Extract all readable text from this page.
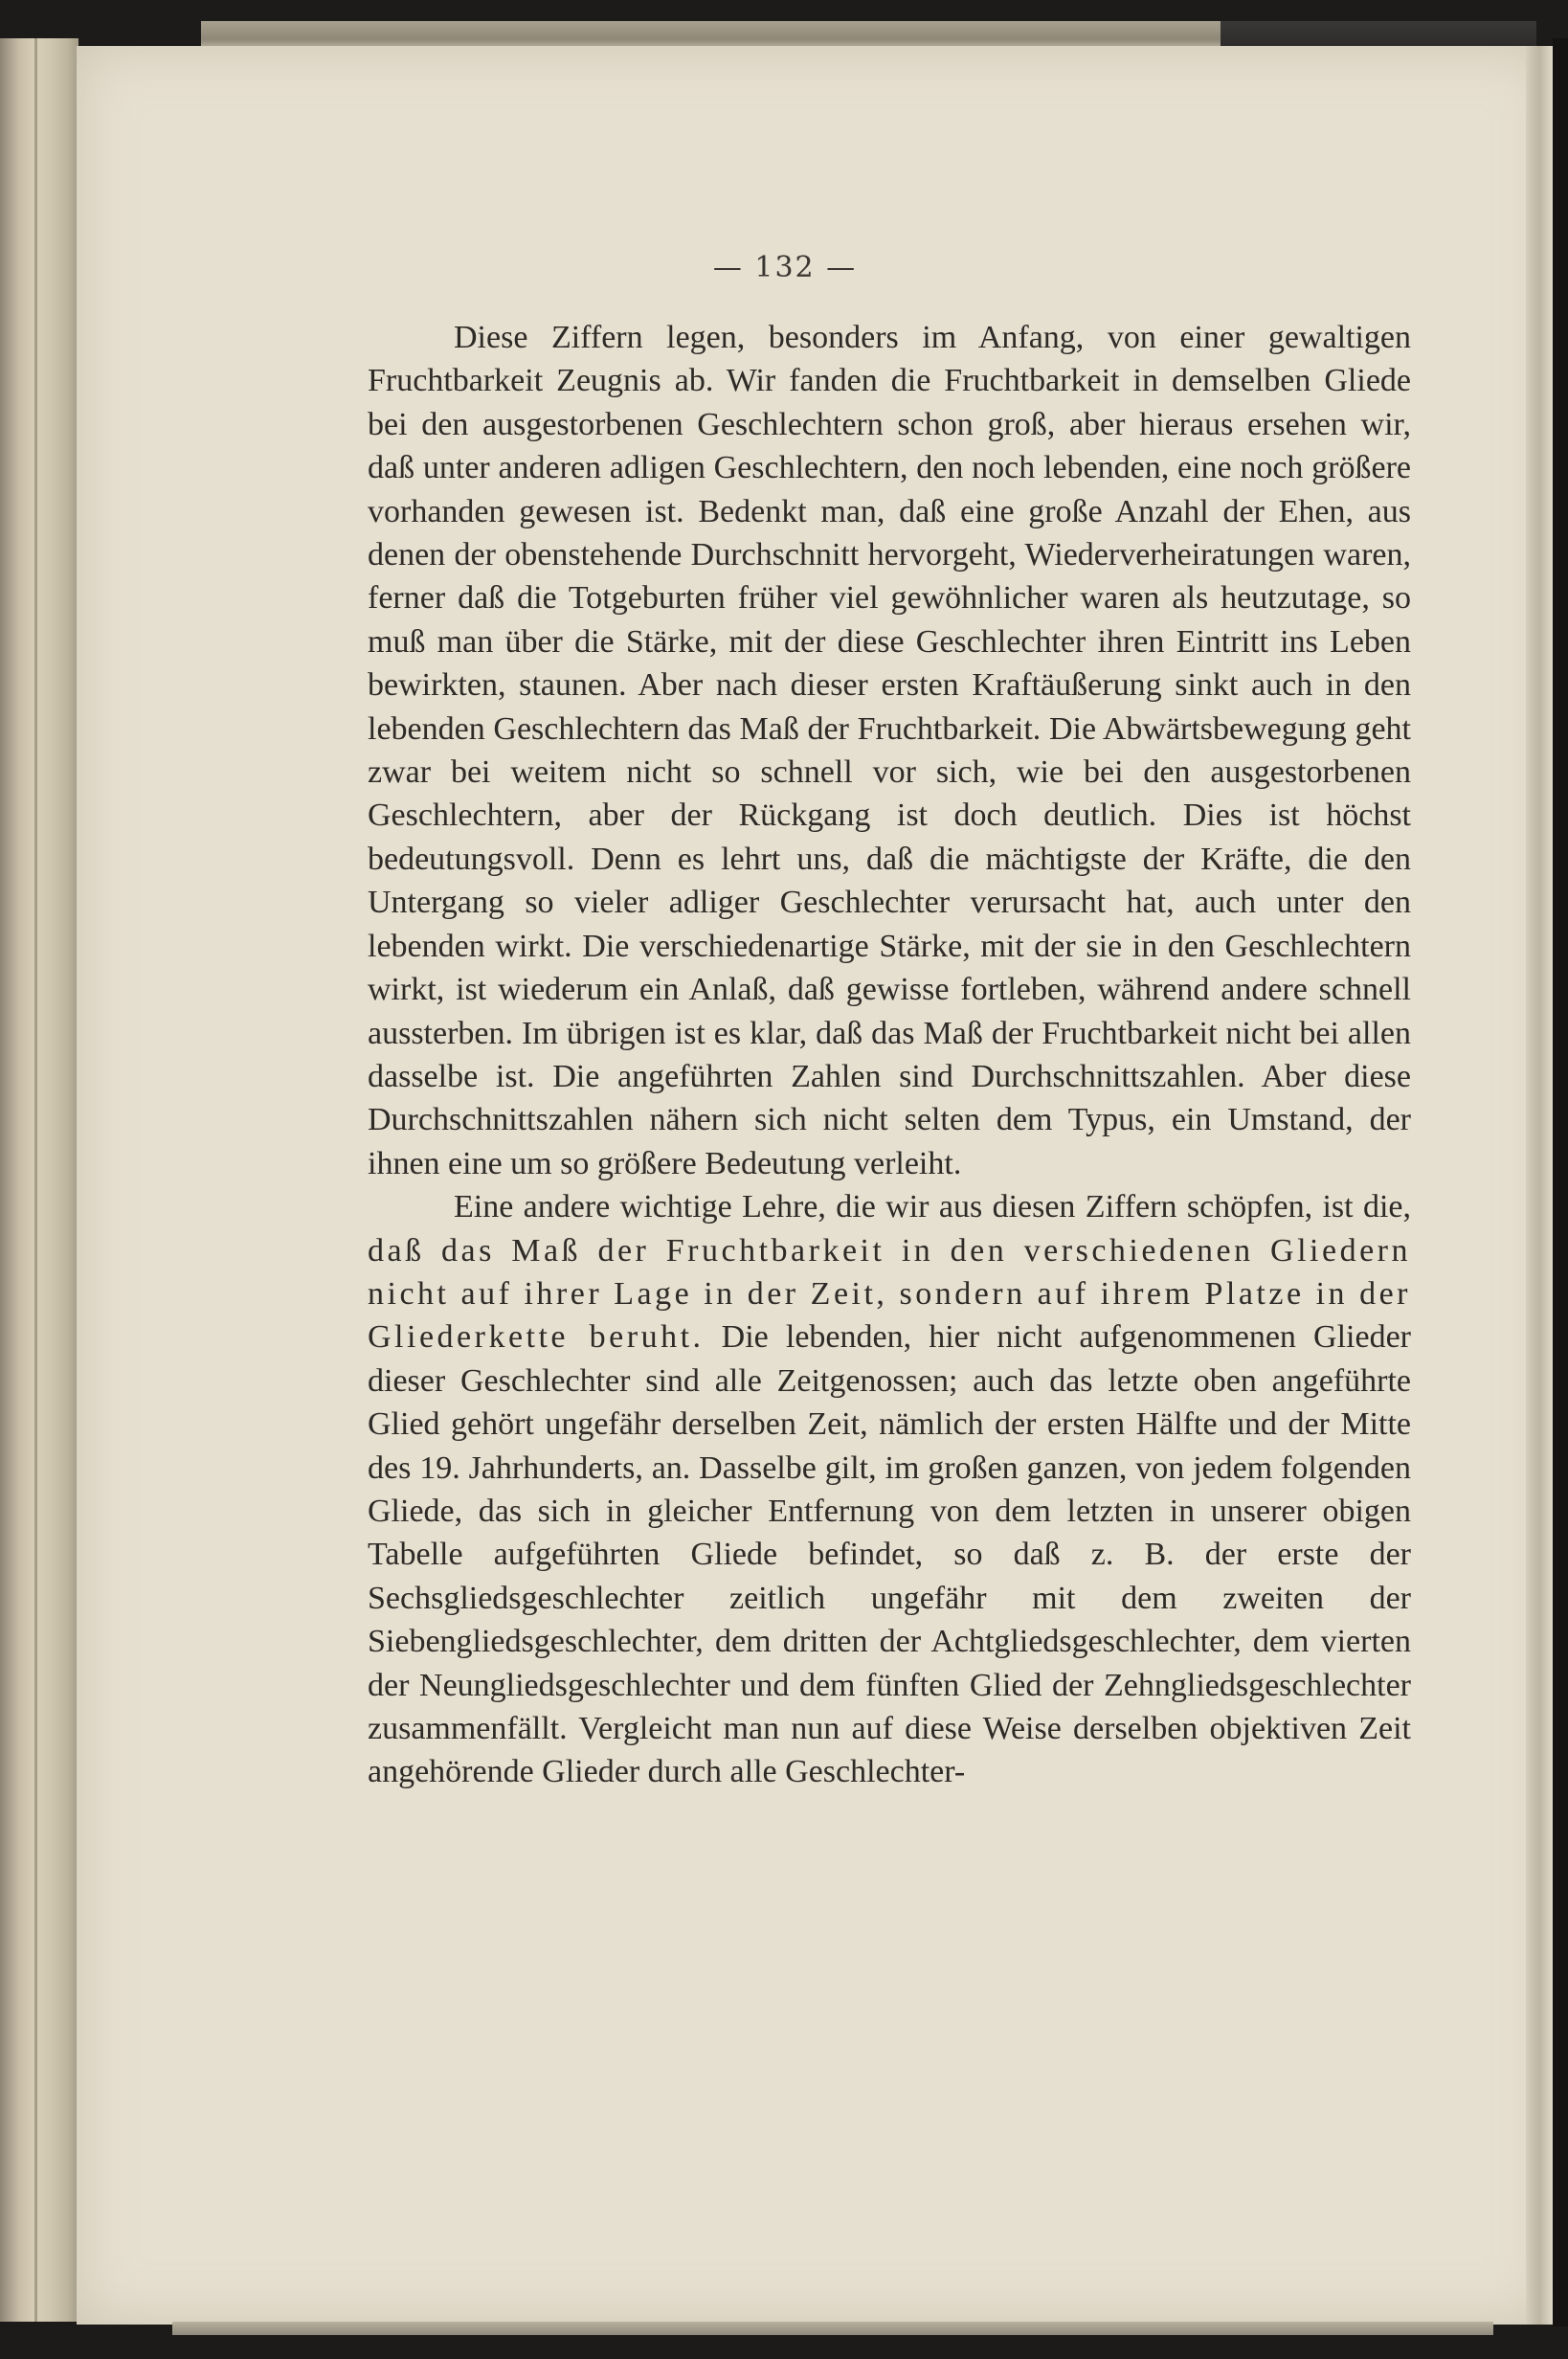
— 132 —

Diese Ziffern legen, besonders im Anfang, von einer gewaltigen Fruchtbarkeit Zeugnis ab. Wir fanden die Fruchtbarkeit in demselben Gliede bei den ausgestorbenen Geschlechtern schon groß, aber hieraus ersehen wir, daß unter anderen adligen Geschlechtern, den noch lebenden, eine noch größere vorhanden gewesen ist. Bedenkt man, daß eine große Anzahl der Ehen, aus denen der obenstehende Durchschnitt hervorgeht, Wiederverheiratungen waren, ferner daß die Totgeburten früher viel gewöhnlicher waren als heutzutage, so muß man über die Stärke, mit der diese Geschlechter ihren Eintritt ins Leben bewirkten, staunen. Aber nach dieser ersten Kraftäußerung sinkt auch in den lebenden Geschlechtern das Maß der Fruchtbarkeit. Die Abwärtsbewegung geht zwar bei weitem nicht so schnell vor sich, wie bei den ausgestorbenen Geschlechtern, aber der Rückgang ist doch deutlich. Dies ist höchst bedeutungsvoll. Denn es lehrt uns, daß die mächtigste der Kräfte, die den Untergang so vieler adliger Geschlechter verursacht hat, auch unter den lebenden wirkt. Die verschiedenartige Stärke, mit der sie in den Geschlechtern wirkt, ist wiederum ein Anlaß, daß gewisse fortleben, während andere schnell aussterben. Im übrigen ist es klar, daß das Maß der Fruchtbarkeit nicht bei allen dasselbe ist. Die angeführten Zahlen sind Durchschnittszahlen. Aber diese Durchschnittszahlen nähern sich nicht selten dem Typus, ein Umstand, der ihnen eine um so größere Bedeutung verleiht.

Eine andere wichtige Lehre, die wir aus diesen Ziffern schöpfen, ist die, daß das Maß der Fruchtbarkeit in den verschiedenen Gliedern nicht auf ihrer Lage in der Zeit, sondern auf ihrem Platze in der Gliederkette beruht. Die lebenden, hier nicht aufgenommenen Glieder dieser Geschlechter sind alle Zeitgenossen; auch das letzte oben angeführte Glied gehört ungefähr derselben Zeit, nämlich der ersten Hälfte und der Mitte des 19. Jahrhunderts, an. Dasselbe gilt, im großen ganzen, von jedem folgenden Gliede, das sich in gleicher Entfernung von dem letzten in unserer obigen Tabelle aufgeführten Gliede befindet, so daß z. B. der erste der Sechsgliedsgeschlechter zeitlich ungefähr mit dem zweiten der Siebengliedsgeschlechter, dem dritten der Achtgliedsgeschlechter, dem vierten der Neungliedsgeschlechter und dem fünften Glied der Zehngliedsgeschlechter zusammenfällt. Vergleicht man nun auf diese Weise derselben objektiven Zeit angehörende Glieder durch alle Geschlechter-
